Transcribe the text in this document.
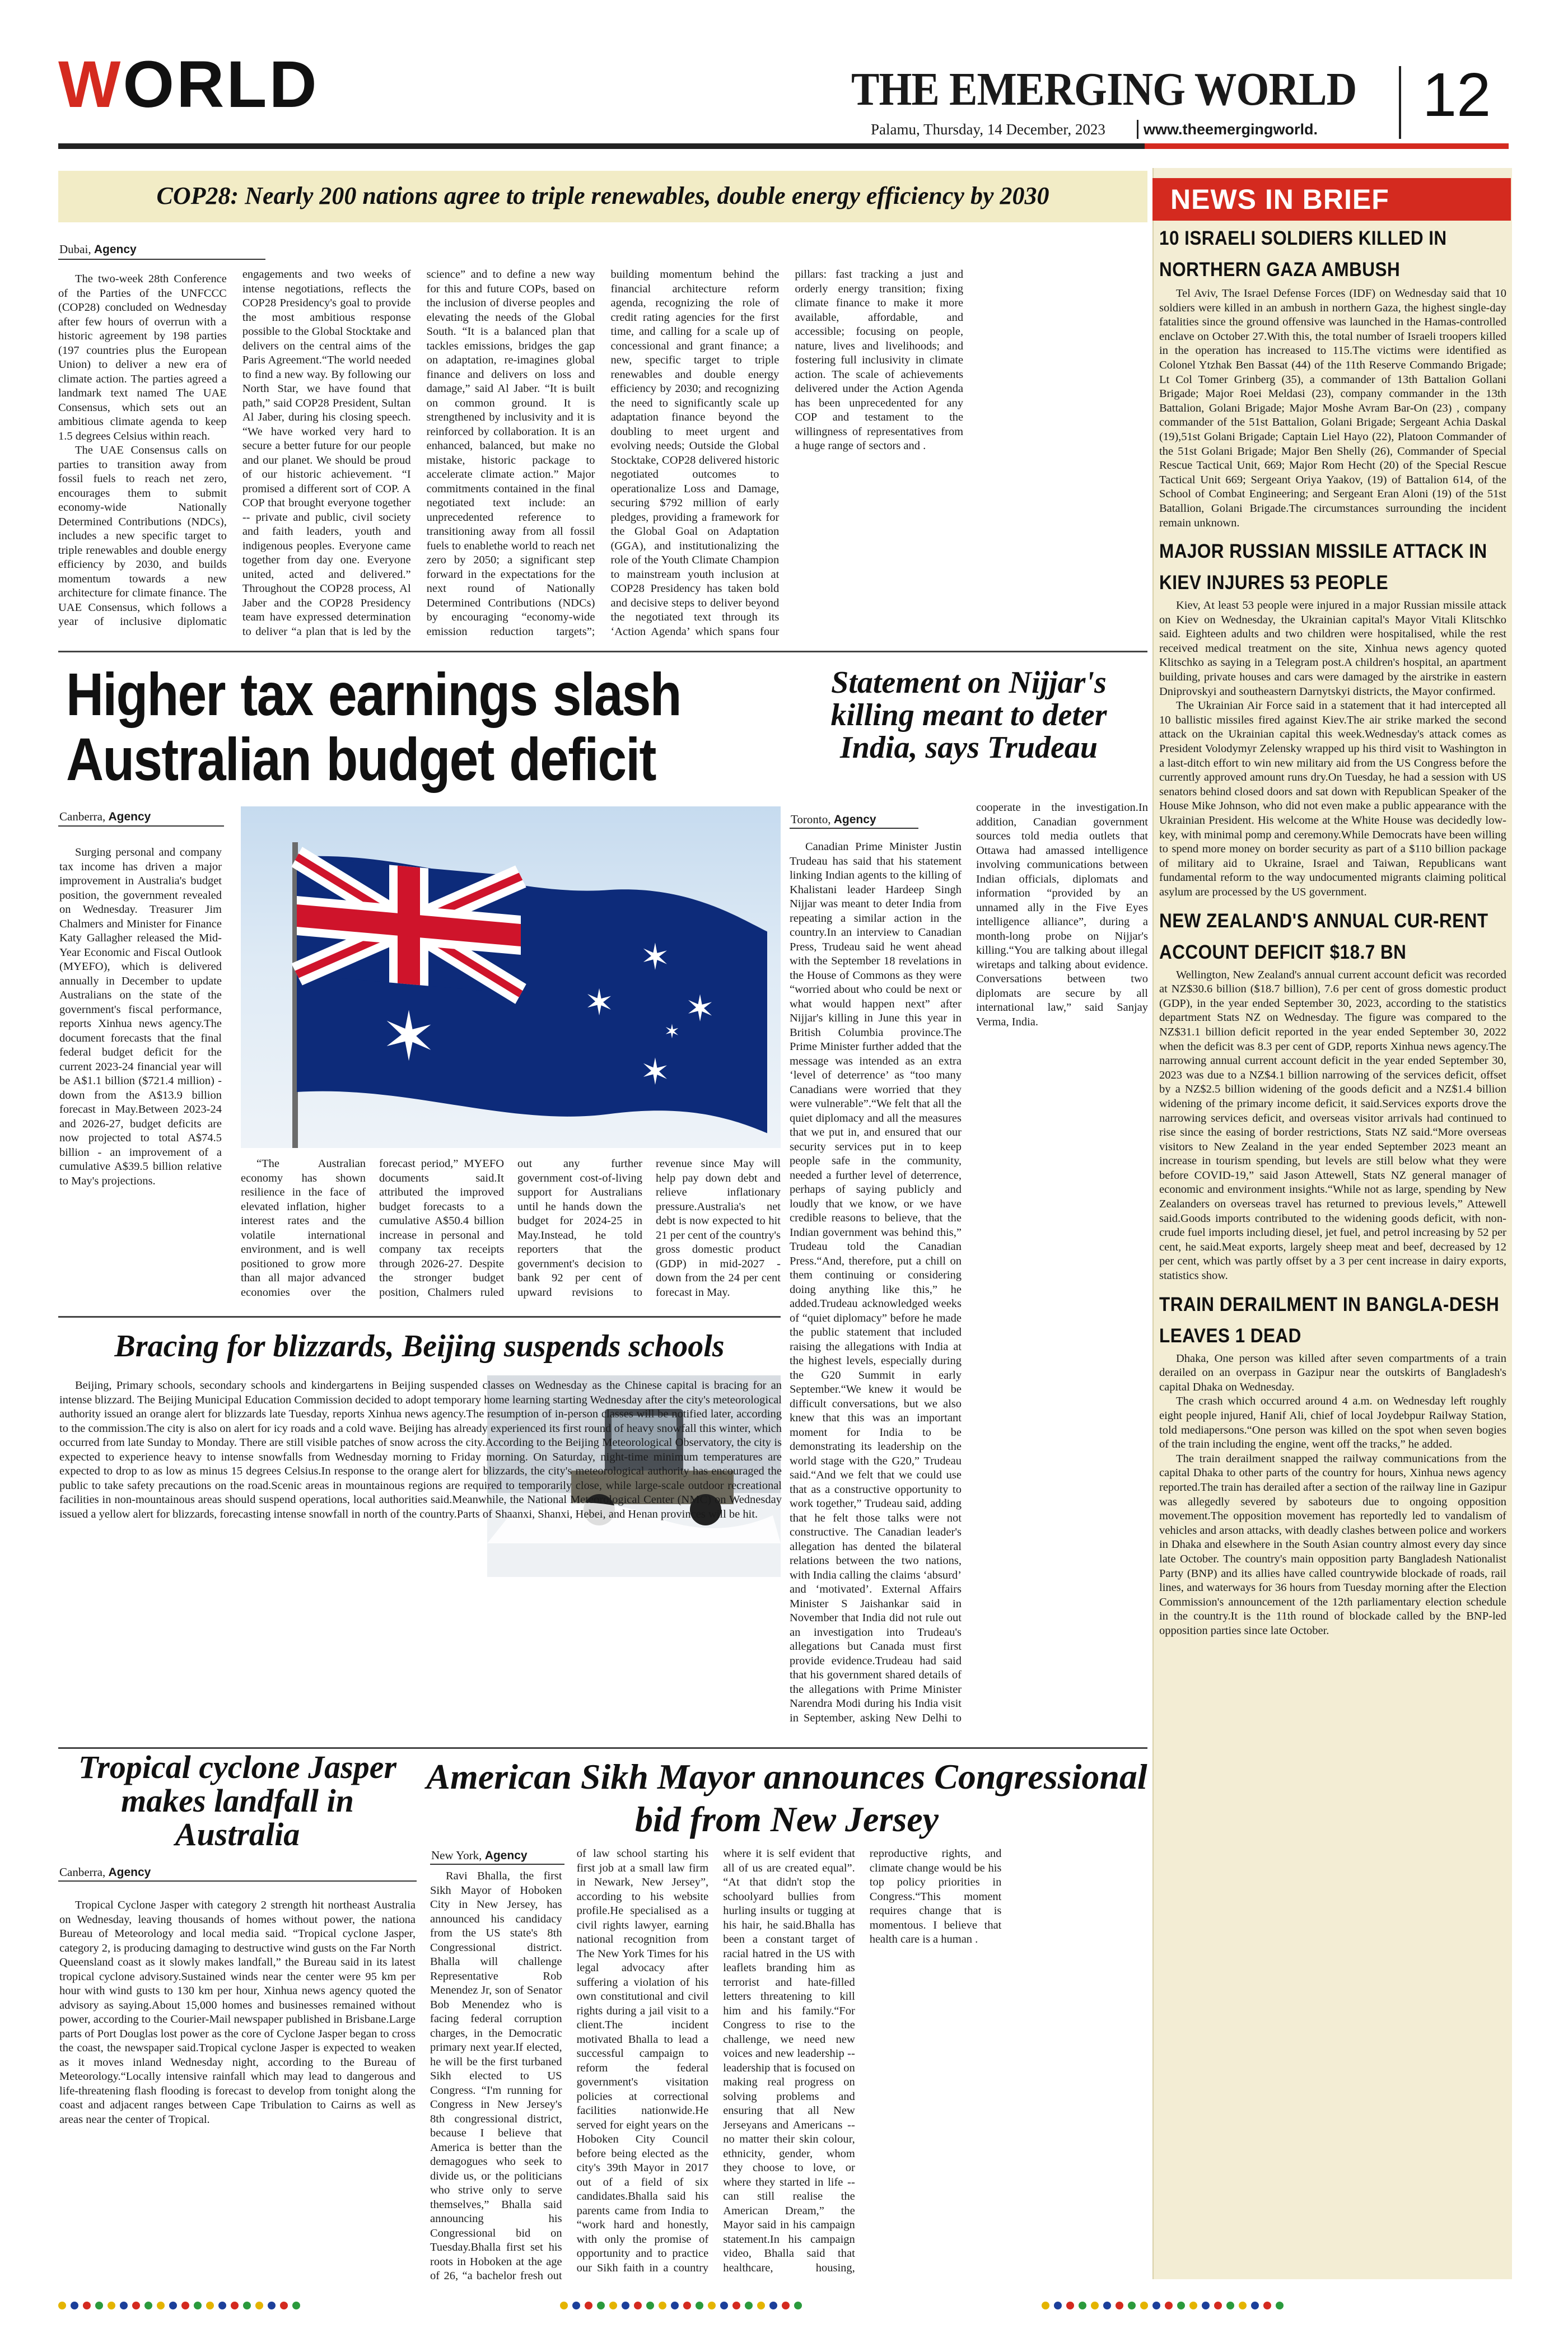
WORLD	THE EMERGING WORLD 12
Palamu, Thursday, 14 December, 2023	www.theemergingworld.
COP28: Nearly 200 nations agree to triple renewables, double energy efficiency by 2030
Dubai, Agency

The two-week 28th Conference of the Parties of the UNFCCC (COP28) concluded on Wednesday after few hours of overrun with a historic agreement by 198 parties (197 countries plus the European Union) to deliver a new era of climate action. The parties agreed a landmark text named The UAE Consensus, which sets out an ambitious climate agenda to keep 1.5 degrees Celsius within reach.

The UAE Consensus calls on parties to transition away from fossil fuels to reach net zero, encourages them to submit economy-wide Nationally Determined Contributions (NDCs), includes a new specific target to triple renewables and double energy efficiency by 2030, and builds momentum towards a new architecture for climate finance. The UAE Consensus, which follows a year of inclusive diplomatic engagements and two weeks of intense negotiations, reflects the COP28 Presidency's goal to provide the most ambitious response possible to the Global Stocktake and delivers on the central aims of the Paris Agreement.“The world needed to find a new way. By following our North Star, we have found that path,” said COP28 President, Sultan Al Jaber, during his closing speech. “We have worked very hard to secure a better future for our people and our planet. We should be proud of our historic achievement. “I promised a different sort of COP. A COP that brought everyone together -- private and public, civil society and faith leaders, youth and indigenous peoples. Everyone came together from day one. Everyone united, acted and delivered.” Throughout the COP28 process, Al Jaber and the COP28 Presidency team have expressed determination to deliver “a plan that is led by the science” and to define a new way for this and future COPs, based on the inclusion of diverse peoples and elevating the needs of the Global South. “It is a balanced plan that tackles emissions, bridges the gap on adaptation, re-imagines global finance and delivers on loss and damage,” said Al Jaber. “It is built on common ground. It is strengthened by inclusivity and it is reinforced by collaboration. It is an enhanced, balanced, but make no mistake, historic package to accelerate climate action.” Major commitments contained in the final negotiated text include: an unprecedented reference to transitioning away from all fossil fuels to enablethe world to reach net zero by 2050; a significant step forward in the expectations for the next round of Nationally Determined Contributions (NDCs) by encouraging “economy-wide emission reduction targets”; building momentum behind the financial architecture reform agenda, recognizing the role of credit rating agencies for the first time, and calling for a scale up of concessional and grant finance; a new, specific target to triple renewables and double energy efficiency by 2030; and recognizing the need to significantly scale up adaptation finance beyond the doubling to meet urgent and evolving needs; Outside the Global Stocktake, COP28 delivered historic negotiated outcomes to operationalize Loss and Damage, securing $792 million of early pledges, providing a framework for the Global Goal on Adaptation (GGA), and institutionalizing the role of the Youth Climate Champion to mainstream youth inclusion at COP28 Presidency has taken bold and decisive steps to deliver beyond the negotiated text through its ‘Action Agenda’ which spans four pillars: fast tracking a just and orderly energy transition; fixing climate finance to make it more available, affordable, and accessible; focusing on people, nature, lives and livelihoods; and fostering full inclusivity in climate action. The scale of achievements delivered under the Action Agenda has been unprecedented for any COP and testament to the willingness of representatives from a huge range of sectors and .

Higher tax earnings slash Australian budget deficit
Canberra, Agency
Surging personal and company tax income has driven a major improvement in Australia's budget position, the government revealed on Wednesday. Treasurer Jim Chalmers and Minister for Finance Katy Gallagher released the Mid-Year Economic and Fiscal Outlook (MYEFO), which is delivered annually in December to update Australians on the state of the government's fiscal performance, reports Xinhua news agency.The document forecasts that the final federal budget deficit for the current 2023-24 financial year will be A$1.1 billion ($721.4 million) - down from the A$13.9 billion forecast in May.Between 2023-24 and 2026-27, budget deficits are now projected to total A$74.5 billion - an improvement of a cumulative A$39.5 billion relative to May's projections.
✶
✶
✶ ✶
✶
✶

“The Australian economy has shown resilience in the face of elevated inflation, higher interest rates and the volatile international environment, and is well positioned to grow more than all major advanced economies over the forecast period,” MYEFO documents said.It attributed the improved budget forecasts to a cumulative A$50.4 billion increase in personal and company tax receipts through 2026-27. Despite the stronger budget position, Chalmers ruled out any further government cost-of-living support for Australians until he hands down the budget for 2024-25 in May.Instead, he told reporters that the government's decision to bank 92 per cent of upward revisions to revenue since May will help pay down debt and relieve inflationary pressure.Australia's net debt is now expected to hit 21 per cent of the country's gross domestic product (GDP) in mid-2027 - down from the 24 per cent forecast in May.

Statement on Nijjar's killing meant to deter India, says Trudeau
Toronto, Agency

Canadian Prime Minister Justin Trudeau has said that his statement linking Indian agents to the killing of Khalistani leader Hardeep Singh Nijjar was meant to deter India from repeating a similar action in the country.In an interview to Canadian Press, Trudeau said he went ahead with the September 18 revelations in the House of Commons as they were “worried about who could be next or what would happen next” after Nijjar's killing in June this year in British Columbia province.The Prime Minister further added that the message was intended as an extra ‘level of deterrence’ as “too many Canadians were worried that they were vulnerable”.“We felt that all the quiet diplomacy and all the measures that we put in, and ensured that our security services put in to keep people safe in the community, needed a further level of deterrence, perhaps of saying publicly and loudly that we know, or we have credible reasons to believe, that the Indian government was behind this,” Trudeau told the Canadian Press.“And, therefore, put a chill on them continuing or considering doing anything like this,” he added.Trudeau acknowledged weeks of “quiet diplomacy” before he made the public statement that included raising the allegations with India at the highest levels, especially during the G20 Summit in early September.“We knew it would be difficult conversations, but we also knew that this was an important moment for India to be demonstrating its leadership on the world stage with the G20,” Trudeau said.“And we felt that we could use that as a constructive opportunity to work together,” Trudeau said, adding that he felt those talks were not constructive. The Canadian leader's allegation has dented the bilateral relations between the two nations, with India calling the claims ‘absurd’ and ‘motivated’. External Affairs Minister S Jaishankar said in November that India did not rule out an investigation into Trudeau's allegations but Canada must first provide evidence.Trudeau had said that his government shared details of the allegations with Prime Minister Narendra Modi during his India visit in September, asking New Delhi to cooperate in the investigation.In addition, Canadian government sources told media outlets that Ottawa had amassed intelligence involving communications between Indian officials, diplomats and information “provided by an unnamed ally in the Five Eyes intelligence alliance”, during a month-long probe on Nijjar's killing.“You are talking about illegal wiretaps and talking about evidence. Conversations between two diplomats are secure by all international law,” said Sanjay Verma, India.

Bracing for blizzards, Beijing suspends schools
Beijing, Primary schools, secondary schools and kindergartens in Beijing suspended classes on Wednesday as the Chinese capital is bracing for an intense blizzard. The Beijing Municipal Education Commission decided to adopt temporary home learning starting Wednesday after the city's meteorological authority issued an orange alert for blizzards late Tuesday, reports Xinhua news agency.The resumption of in-person classes will be notified later, according to the commission.The city is also on alert for icy roads and a cold wave. Beijing has already experienced its first round of heavy snowfall this winter, which occurred from late Sunday to Monday. There are still visible patches of snow across the city.According to the Beijing Meteorological Observatory, the city is expected to experience heavy to intense snowfalls from Wednesday morning to Friday morning. On Saturday, night-time minimum temperatures are expected to drop to as low as minus 15 degrees Celsius.In response to the orange alert for blizzards, the city's meteorological authority has encouraged the public to take safety precautions on the road.Scenic areas in mountainous regions are required to temporarily close, while large-scale outdoor recreational facilities in non-mountainous areas should suspend operations, local authorities said.Meanwhile, the National Meteorological Center (NMC) on Wednesday issued a yellow alert for blizzards, forecasting intense snowfall in north of the country.Parts of Shaanxi, Shanxi, Hebei, and Henan provinces will be hit.
Tropical cyclone Jasper makes landfall in Australia
Canberra, Agency
Tropical Cyclone Jasper with category 2 strength hit northeast Australia on Wednesday, leaving thousands of homes without power, the nationa Bureau of Meteorology and local media said. “Tropical cyclone Jasper, category 2, is producing damaging to destructive wind gusts on the Far North Queensland coast as it slowly makes landfall,” the Bureau said in its latest tropical cyclone advisory.Sustained winds near the center were 95 km per hour with wind gusts to 130 km per hour, Xinhua news agency quoted the advisory as saying.About 15,000 homes and businesses remained without power, according to the Courier-Mail newspaper published in Brisbane.Large parts of Port Douglas lost power as the core of Cyclone Jasper began to cross the coast, the newspaper said.Tropical cyclone Jasper is expected to weaken as it moves inland Wednesday night, according to the Bureau of Meteorology.“Locally intensive rainfall which may lead to dangerous and life-threatening flash flooding is forecast to develop from tonight along the coast and adjacent ranges between Cape Tribulation to Cairns as well as areas near the center of Tropical.
American Sikh Mayor announces Congressional bid from New Jersey
New York, Agency

Ravi Bhalla, the first Sikh Mayor of Hoboken City in New Jersey, has announced his candidacy from the US state's 8th Congressional district. Bhalla will challenge Representative Rob Menendez Jr, son of Senator Bob Menendez who is facing federal corruption charges, in the Democratic primary next year.If elected, he will be the first turbaned Sikh elected to US Congress. “I'm running for Congress in New Jersey's 8th congressional district, because I believe that America is better than the demagogues who seek to divide us, or the politicians who strive only to serve themselves,” Bhalla said announcing his Congressional bid on Tuesday.Bhalla first set his roots in Hoboken at the age of 26, “a bachelor fresh out of law school starting his first job at a small law firm in Newark, New Jersey”, according to his website profile.He specialised as a civil rights lawyer, earning national recognition from The New York Times for his legal advocacy after suffering a violation of his own constitutional and civil rights during a jail visit to a client.The incident motivated Bhalla to lead a successful campaign to reform the federal government's visitation policies at correctional facilities nationwide.He served for eight years on the Hoboken City Council before being elected as the city's 39th Mayor in 2017 out of a field of six candidates.Bhalla said his parents came from India to “work hard and honestly, with only the promise of opportunity and to practice our Sikh faith in a country where it is self evident that all of us are created equal”. “At that didn't stop the schoolyard bullies from hurling insults or tugging at his hair, he said.Bhalla has been a constant target of racial hatred in the US with leaflets branding him as terrorist and hate-filled letters threatening to kill him and his family.“For Congress to rise to the challenge, we need new voices and new leadership -- leadership that is focused on making real progress on solving problems and ensuring that all New Jerseyans and Americans -- no matter their skin colour, ethnicity, gender, whom they choose to love, or where they started in life -- can still realise the American Dream,” the Mayor said in his campaign statement.In his campaign video, Bhalla said that healthcare, housing, reproductive rights, and climate change would be his top policy priorities in Congress.“This moment requires change that is momentous. I believe that health care is a human .

NEWS IN BRIEF
10 ISRAELI SOLDIERS KILLED IN NORTHERN GAZA AMBUSH
Tel Aviv, The Israel Defense Forces (IDF) on Wednesday said that 10 soldiers were killed in an ambush in northern Gaza, the highest single-day fatalities since the ground offensive was launched in the Hamas-controlled enclave on October 27.With this, the total number of Israeli troopers killed in the operation has increased to 115.The victims were identified as Colonel Ytzhak Ben Bassat (44) of the 11th Reserve Commando Brigade; Lt Col Tomer Grinberg (35), a commander of 13th Battalion Gollani Brigade; Major Roei Meldasi (23), company commander in the 13th Battalion, Golani Brigade; Major Moshe Avram Bar-On (23) , company commander of the 51st Battalion, Golani Brigade; Sergeant Achia Daskal (19),51st Golani Brigade; Captain Liel Hayo (22), Platoon Commander of the 51st Golani Brigade; Major Ben Shelly (26), Commander of Special Rescue Tactical Unit, 669; Major Rom Hecht (20) of the Special Rescue Tactical Unit 669; Sergeant Oriya Yaakov, (19) of Battalion 614, of the School of Combat Engineering; and Sergeant Eran Aloni (19) of the 51st Batallion, Golani Brigade.The circumstances surrounding the incident remain unknown.
MAJOR RUSSIAN MISSILE ATTACK IN KIEV INJURES 53 PEOPLE
Kiev, At least 53 people were injured in a major Russian missile attack on Kiev on Wednesday, the Ukrainian capital's Mayor Vitali Klitschko said. Eighteen adults and two children were hospitalised, while the rest received medical treatment on the site, Xinhua news agency quoted Klitschko as saying in a Telegram post.A children's hospital, an apartment building, private houses and cars were damaged by the airstrike in eastern Dniprovskyi and southeastern Darnytskyi districts, the Mayor confirmed.
The Ukrainian Air Force said in a statement that it had intercepted all 10 ballistic missiles fired against Kiev.The air strike marked the second attack on the Ukrainian capital this week.Wednesday's attack comes as President Volodymyr Zelensky wrapped up his third visit to Washington in a last-ditch effort to win new military aid from the US Congress before the currently approved amount runs dry.On Tuesday, he had a session with US senators behind closed doors and sat down with Republican Speaker of the House Mike Johnson, who did not even make a public appearance with the Ukrainian President. His welcome at the White House was decidedly low-key, with minimal pomp and ceremony.While Democrats have been willing to spend more money on border security as part of a $110 billion package of military aid to Ukraine, Israel and Taiwan, Republicans want fundamental reform to the way undocumented migrants claiming political asylum are processed by the US government.
NEW ZEALAND'S ANNUAL CUR-RENT ACCOUNT DEFICIT $18.7 BN
Wellington, New Zealand's annual current account deficit was recorded at NZ$30.6 billion ($18.7 billion), 7.6 per cent of gross domestic product (GDP), in the year ended September 30, 2023, according to the statistics department Stats NZ on Wednesday. The figure was compared to the NZ$31.1 billion deficit reported in the year ended September 30, 2022 when the deficit was 8.3 per cent of GDP, reports Xinhua news agency.The narrowing annual current account deficit in the year ended September 30, 2023 was due to a NZ$4.1 billion narrowing of the services deficit, offset by a NZ$2.5 billion widening of the goods deficit and a NZ$1.4 billion widening of the primary income deficit, it said.Services exports drove the narrowing services deficit, and overseas visitor arrivals had continued to rise since the easing of border restrictions, Stats NZ said.“More overseas visitors to New Zealand in the year ended September 2023 meant an increase in tourism spending, but levels are still below what they were before COVID-19,” said Jason Attewell, Stats NZ general manager of economic and environment insights.“While not as large, spending by New Zealanders on overseas travel has returned to previous levels,” Attewell said.Goods imports contributed to the widening goods deficit, with non-crude fuel imports including diesel, jet fuel, and petrol increasing by 52 per cent, he said.Meat exports, largely sheep meat and beef, decreased by 12 per cent, which was partly offset by a 3 per cent increase in dairy exports, statistics show.
TRAIN DERAILMENT IN BANGLA-DESH LEAVES 1 DEAD
Dhaka, One person was killed after seven compartments of a train derailed on an overpass in Gazipur near the outskirts of Bangladesh's capital Dhaka on Wednesday.
The crash which occurred around 4 a.m. on Wednesday left roughly eight people injured, Hanif Ali, chief of local Joydebpur Railway Station, told mediapersons.“One person was killed on the spot when seven bogies of the train including the engine, went off the tracks,” he added.
The train derailment snapped the railway communications from the capital Dhaka to other parts of the country for hours, Xinhua news agency reported.The train has derailed after a section of the railway line in Gazipur was allegedly severed by saboteurs due to ongoing opposition movement.The opposition movement has reportedly led to vandalism of vehicles and arson attacks, with deadly clashes between police and workers in Dhaka and elsewhere in the South Asian country almost every day since late October. The country's main opposition party Bangladesh Nationalist Party (BNP) and its allies have called countrywide blockade of roads, rail lines, and waterways for 36 hours from Tuesday morning after the Election Commission's announcement of the 12th parliamentary election schedule in the country.It is the 11th round of blockade called by the BNP-led opposition parties since late October.
